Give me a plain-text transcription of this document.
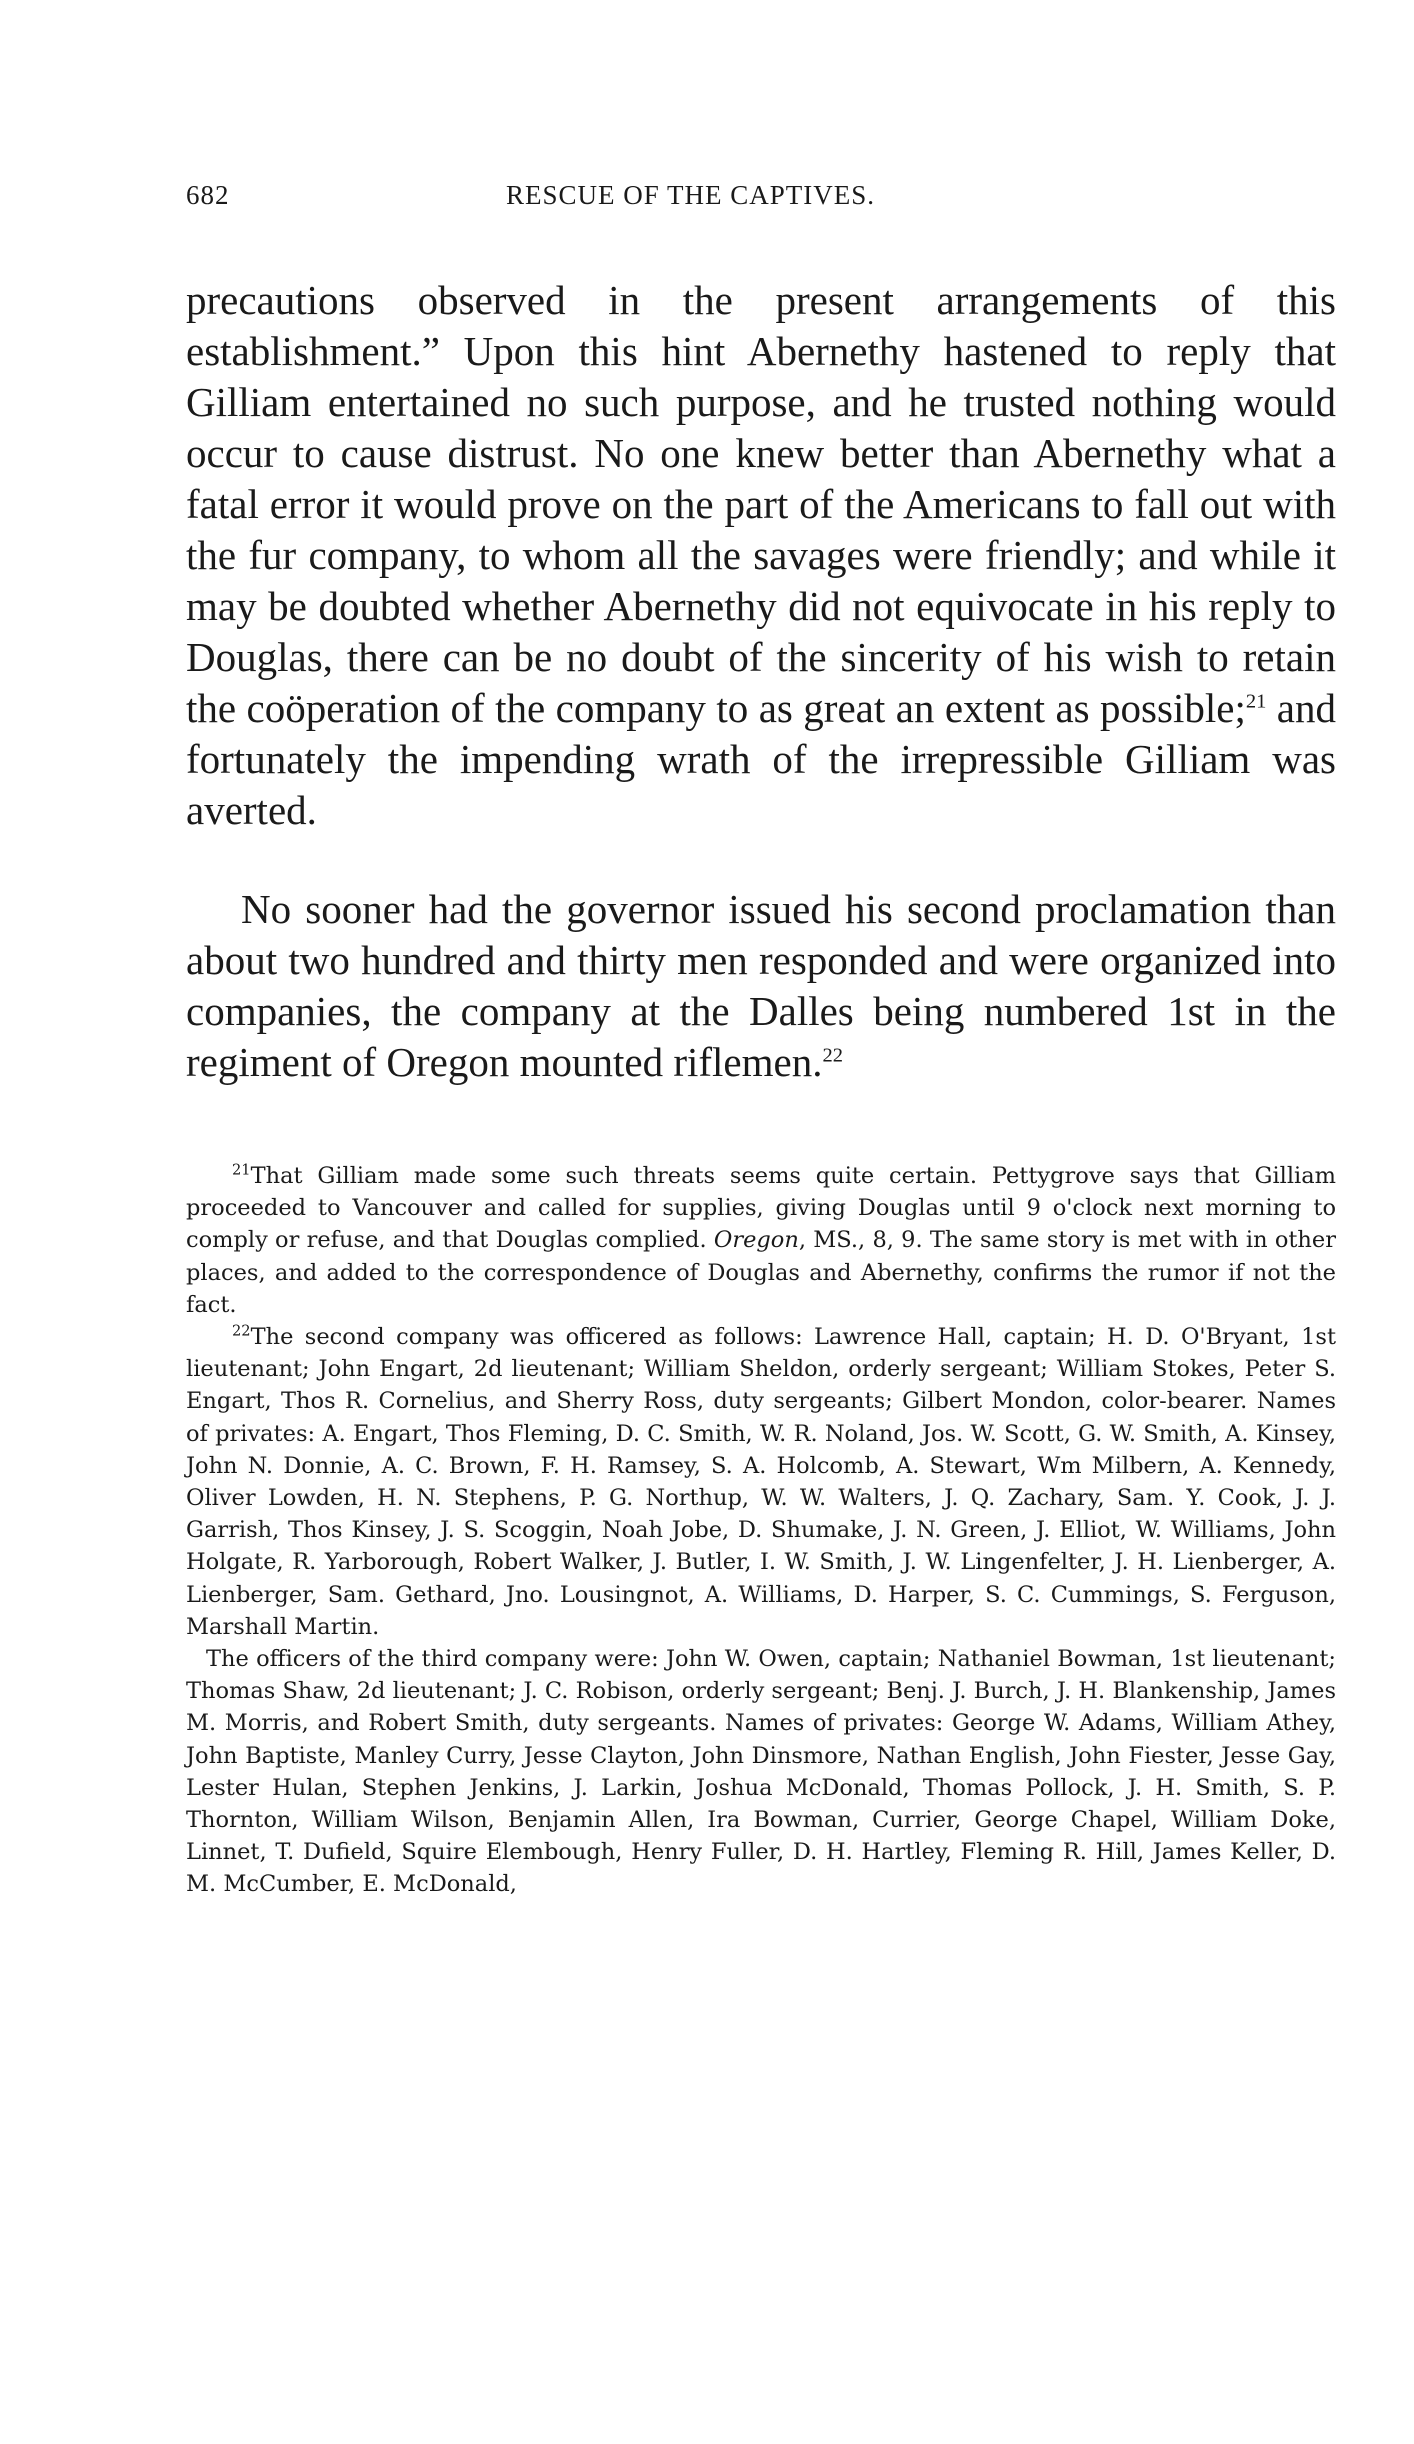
682	RESCUE OF THE CAPTIVES.

precautions observed in the present arrangements of this establishment.” Upon this hint Abernethy hastened to reply that Gilliam entertained no such purpose, and he trusted nothing would occur to cause distrust. No one knew better than Abernethy what a fatal error it would prove on the part of the Americans to fall out with the fur company, to whom all the savages were friendly; and while it may be doubted whether Abernethy did not equivocate in his reply to Douglas, there can be no doubt of the sincerity of his wish to retain the coöperation of the company to as great an extent as possible;$^{21}$ and fortunately the impending wrath of the irrepressible Gilliam was averted.

No sooner had the governor issued his second proclamation than about two hundred and thirty men responded and were organized into companies, the company at the Dalles being numbered 1st in the regiment of Oregon mounted riflemen.$^{22}$

$^{21}$That Gilliam made some such threats seems quite certain. Pettygrove says that Gilliam proceeded to Vancouver and called for supplies, giving Douglas until 9 o'clock next morning to comply or refuse, and that Douglas complied. Oregon, MS., 8, 9. The same story is met with in other places, and added to the correspondence of Douglas and Abernethy, confirms the rumor if not the fact.

$^{22}$The second company was officered as follows: Lawrence Hall, captain; H. D. O'Bryant, 1st lieutenant; John Engart, 2d lieutenant; William Sheldon, orderly sergeant; William Stokes, Peter S. Engart, Thos R. Cornelius, and Sherry Ross, duty sergeants; Gilbert Mondon, color-bearer. Names of privates: A. Engart, Thos Fleming, D. C. Smith, W. R. Noland, Jos. W. Scott, G. W. Smith, A. Kinsey, John N. Donnie, A. C. Brown, F. H. Ramsey, S. A. Holcomb, A. Stewart, Wm Milbern, A. Kennedy, Oliver Lowden, H. N. Stephens, P. G. Northup, W. W. Walters, J. Q. Zachary, Sam. Y. Cook, J. J. Garrish, Thos Kinsey, J. S. Scoggin, Noah Jobe, D. Shumake, J. N. Green, J. Elliot, W. Williams, John Holgate, R. Yarborough, Robert Walker, J. Butler, I. W. Smith, J. W. Lingenfelter, J. H. Lienberger, A. Lienberger, Sam. Gethard, Jno. Lousingnot, A. Williams, D. Harper, S. C. Cummings, S. Ferguson, Marshall Martin.

The officers of the third company were: John W. Owen, captain; Nathaniel Bowman, 1st lieutenant; Thomas Shaw, 2d lieutenant; J. C. Robison, orderly sergeant; Benj. J. Burch, J. H. Blankenship, James M. Morris, and Robert Smith, duty sergeants. Names of privates: George W. Adams, William Athey, John Baptiste, Manley Curry, Jesse Clayton, John Dinsmore, Nathan English, John Fiester, Jesse Gay, Lester Hulan, Stephen Jenkins, J. Larkin, Joshua McDonald, Thomas Pollock, J. H. Smith, S. P. Thornton, William Wilson, Benjamin Allen, Ira Bowman, Currier, George Chapel, William Doke, Linnet, T. Dufield, Squire Elembough, Henry Fuller, D. H. Hartley, Fleming R. Hill, James Keller, D. M. McCumber, E. McDonald,
